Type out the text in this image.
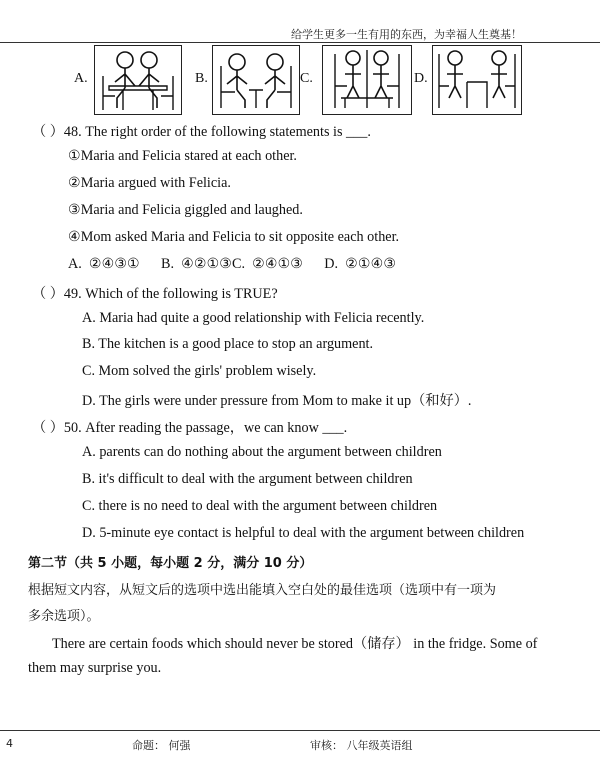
给学生更多一生有用的东西，为幸福人生奠基！
A.	B.	C.	D.
（ ）48. The right order of the following statements is ___.
①Maria and Felicia stared at each other.
②Maria argued with Felicia.
③Maria and Felicia giggled and laughed.
④Mom asked Maria and Felicia to sit opposite each other.
A.  ②④③①      B.  ④②①③C.  ②④①③      D.  ②①④③
（ ）49. Which of the following is TRUE?
A. Maria had quite a good relationship with Felicia recently.
B. The kitchen is a good place to stop an argument.
C. Mom solved the girls' problem wisely.
D. The girls were under pressure from Mom to make it up（和好）.
（ ）50. After reading the passage，we can know ___.
A. parents can do nothing about the argument between children
B. it's difficult to deal with the argument between children
C. there is no need to deal with the argument between children
D. 5-minute eye contact is helpful to deal with the argument between children
第二节（共 5 小题，每小题 2 分，满分 10 分）
根据短文内容，从短文后的选项中选出能填入空白处的最佳选项（选项中有一项为
多余选项）。
There are certain foods which should never be stored（储存） in the fridge. Some of
them may surprise you.
4	命题： 何强	审核： 八年级英语组
